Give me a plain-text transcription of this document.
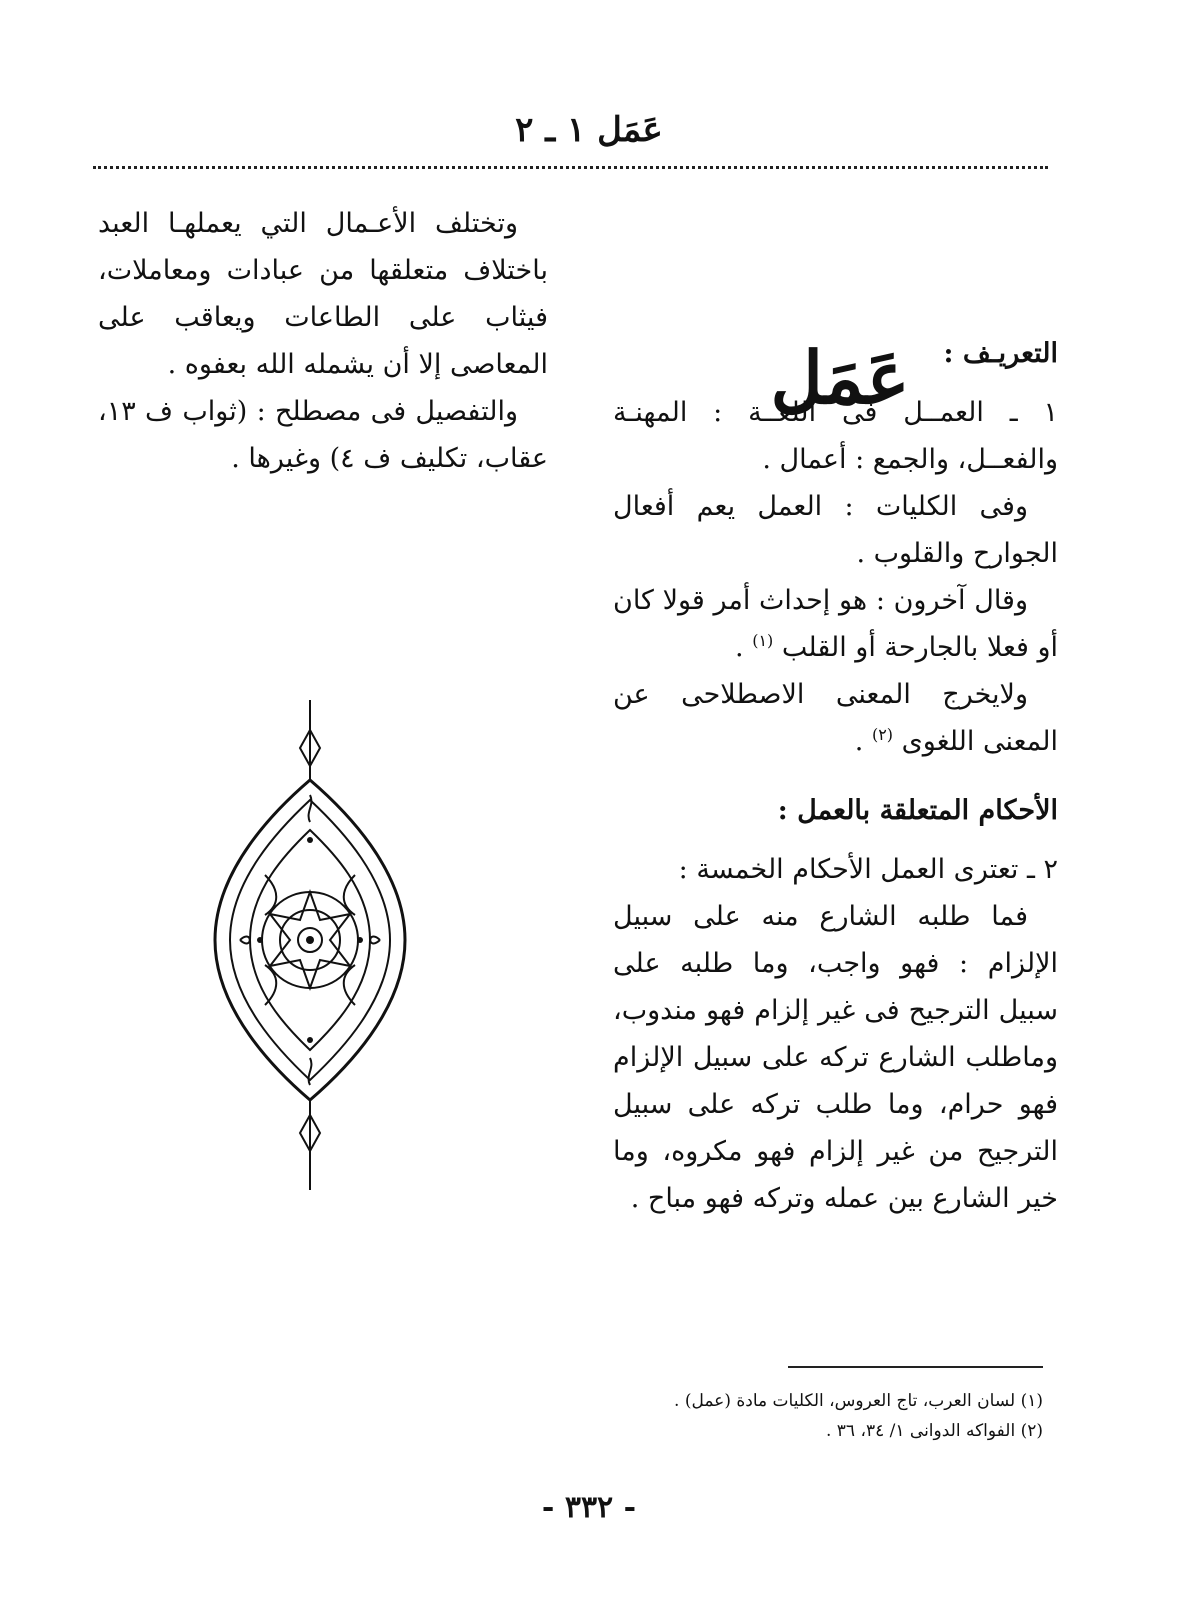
عَمَل ١ ـ ٢
عَمَل	التعريـف :

١ ـ العمــل فى اللغــة : المهنـة والفعــل، والجمع : أعمال .

وفى الكليات : العمل يعم أفعال الجوارح والقلوب .

وقال آخرون : هو إحداث أمر قولا كان أو فعلا بالجارحة أو القلب $^{(١)}$ .

ولايخرج المعنى الاصطلاحى عن المعنى اللغوى $^{(٢)}$ .

الأحكام المتعلقة بالعمل :

٢ ـ تعترى العمل الأحكام الخمسة :

فما طلبه الشارع منه على سبيل الإلزام : فهو واجب، وما طلبه على سبيل الترجيح فى غير إلزام فهو مندوب، وماطلب الشارع تركه على سبيل الإلزام فهو حرام، وما طلب تركه على سبيل الترجيح من غير إلزام فهو مكروه، وما خير الشارع بين عمله وتركه فهو مباح .

وتختلف الأعـمال التي يعملهـا العبد باختلاف متعلقها من عبادات ومعاملات، فيثاب على الطاعات ويعاقب على المعاصى إلا أن يشمله الله بعفوه .

والتفصيل فى مصطلح : (ثواب ف ١٣، عقاب، تكليف ف ٤) وغيرها .

(١) لسان العرب، تاج العروس، الكليات مادة (عمل) .
(٢) الفواكه الدوانى ١/ ٣٤، ٣٦ .
- ٣٣٢ -
